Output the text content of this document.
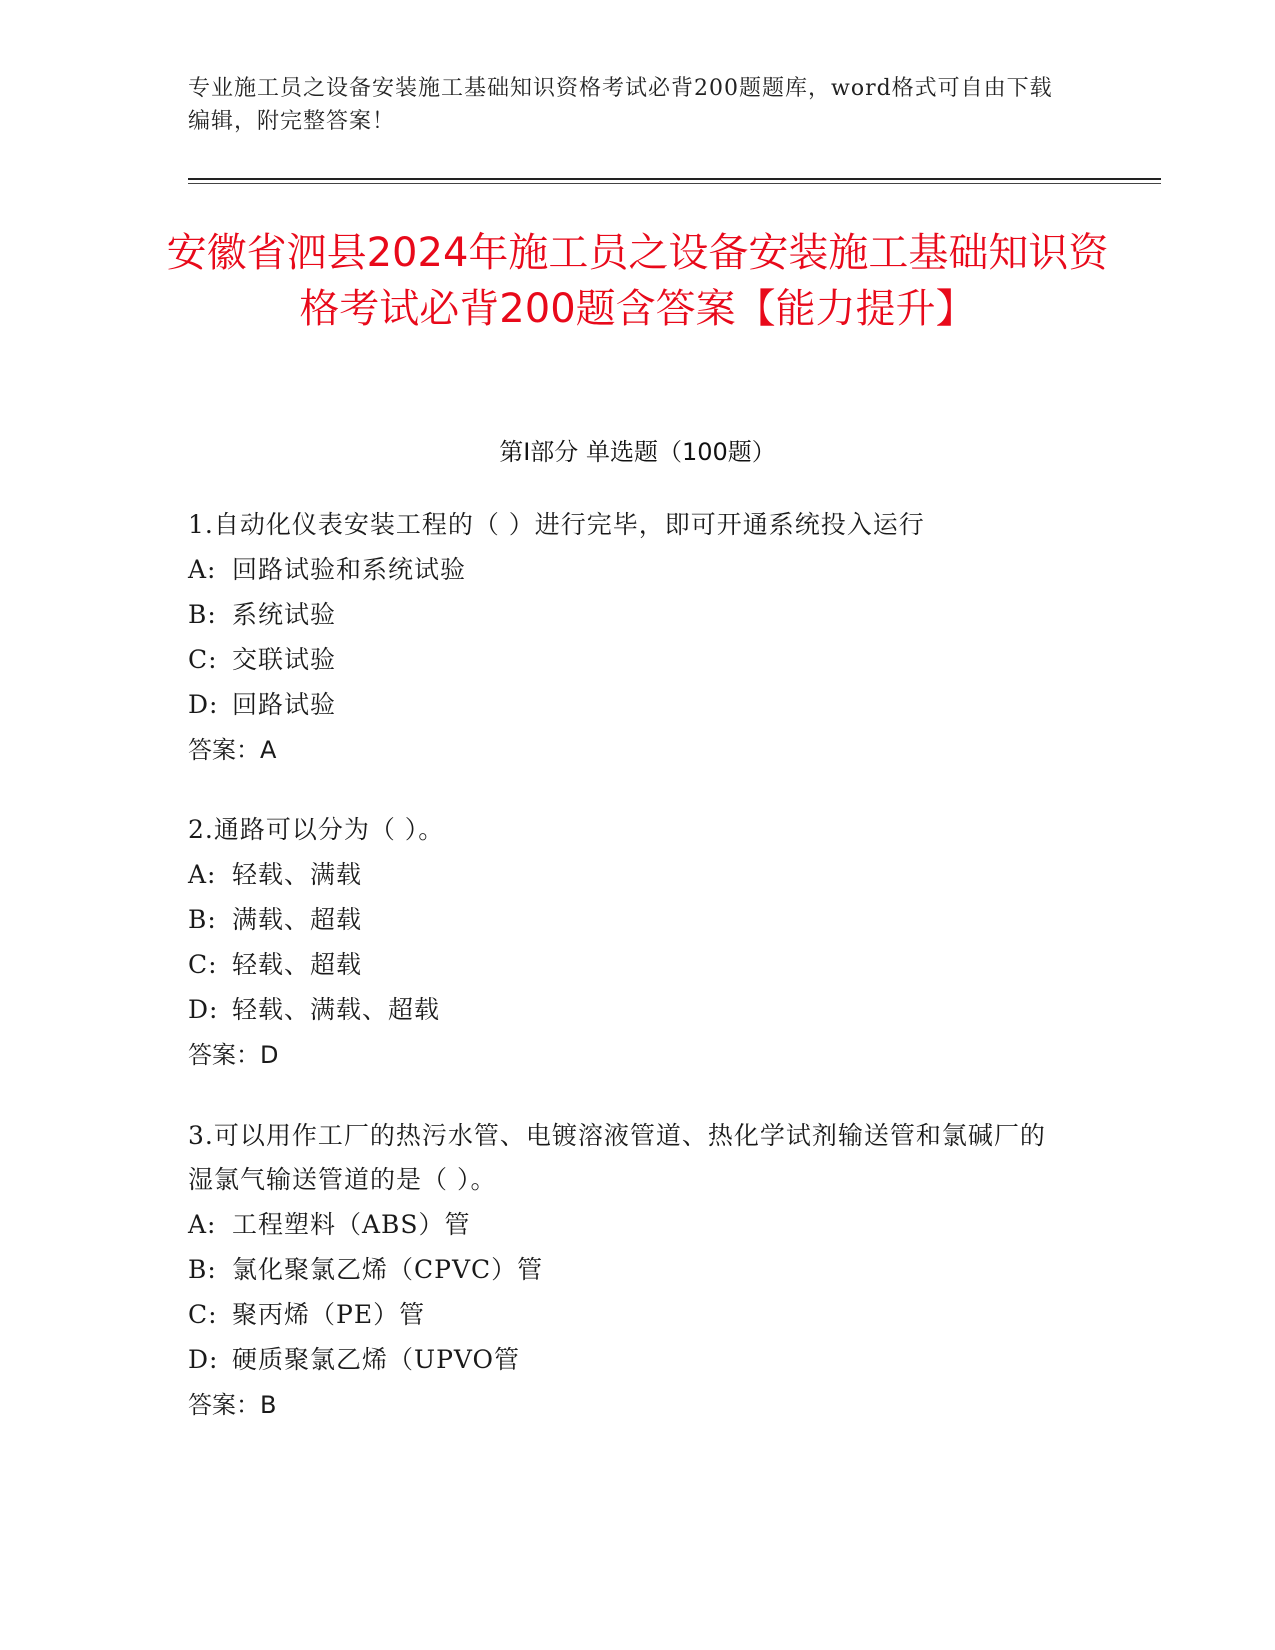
专业施工员之设备安装施工基础知识资格考试必背200题题库，word格式可自由下载编辑，附完整答案！
安徽省泗县2024年施工员之设备安装施工基础知识资格考试必背200题含答案【能力提升】
第Ⅰ部分 单选题（100题）
1.自动化仪表安装工程的（ ）进行完毕，即可开通系统投入运行
A: 回路试验和系统试验
B: 系统试验
C: 交联试验
D: 回路试验
答案：A
2.通路可以分为（ ）。
A: 轻载、满载
B: 满载、超载
C: 轻载、超载
D: 轻载、满载、超载
答案：D
3.可以用作工厂的热污水管、电镀溶液管道、热化学试剂输送管和氯碱厂的湿氯气输送管道的是（ ）。
A: 工程塑料（ABS）管
B: 氯化聚氯乙烯（CPVC）管
C: 聚丙烯（PE）管
D: 硬质聚氯乙烯（UPVO管
答案：B
